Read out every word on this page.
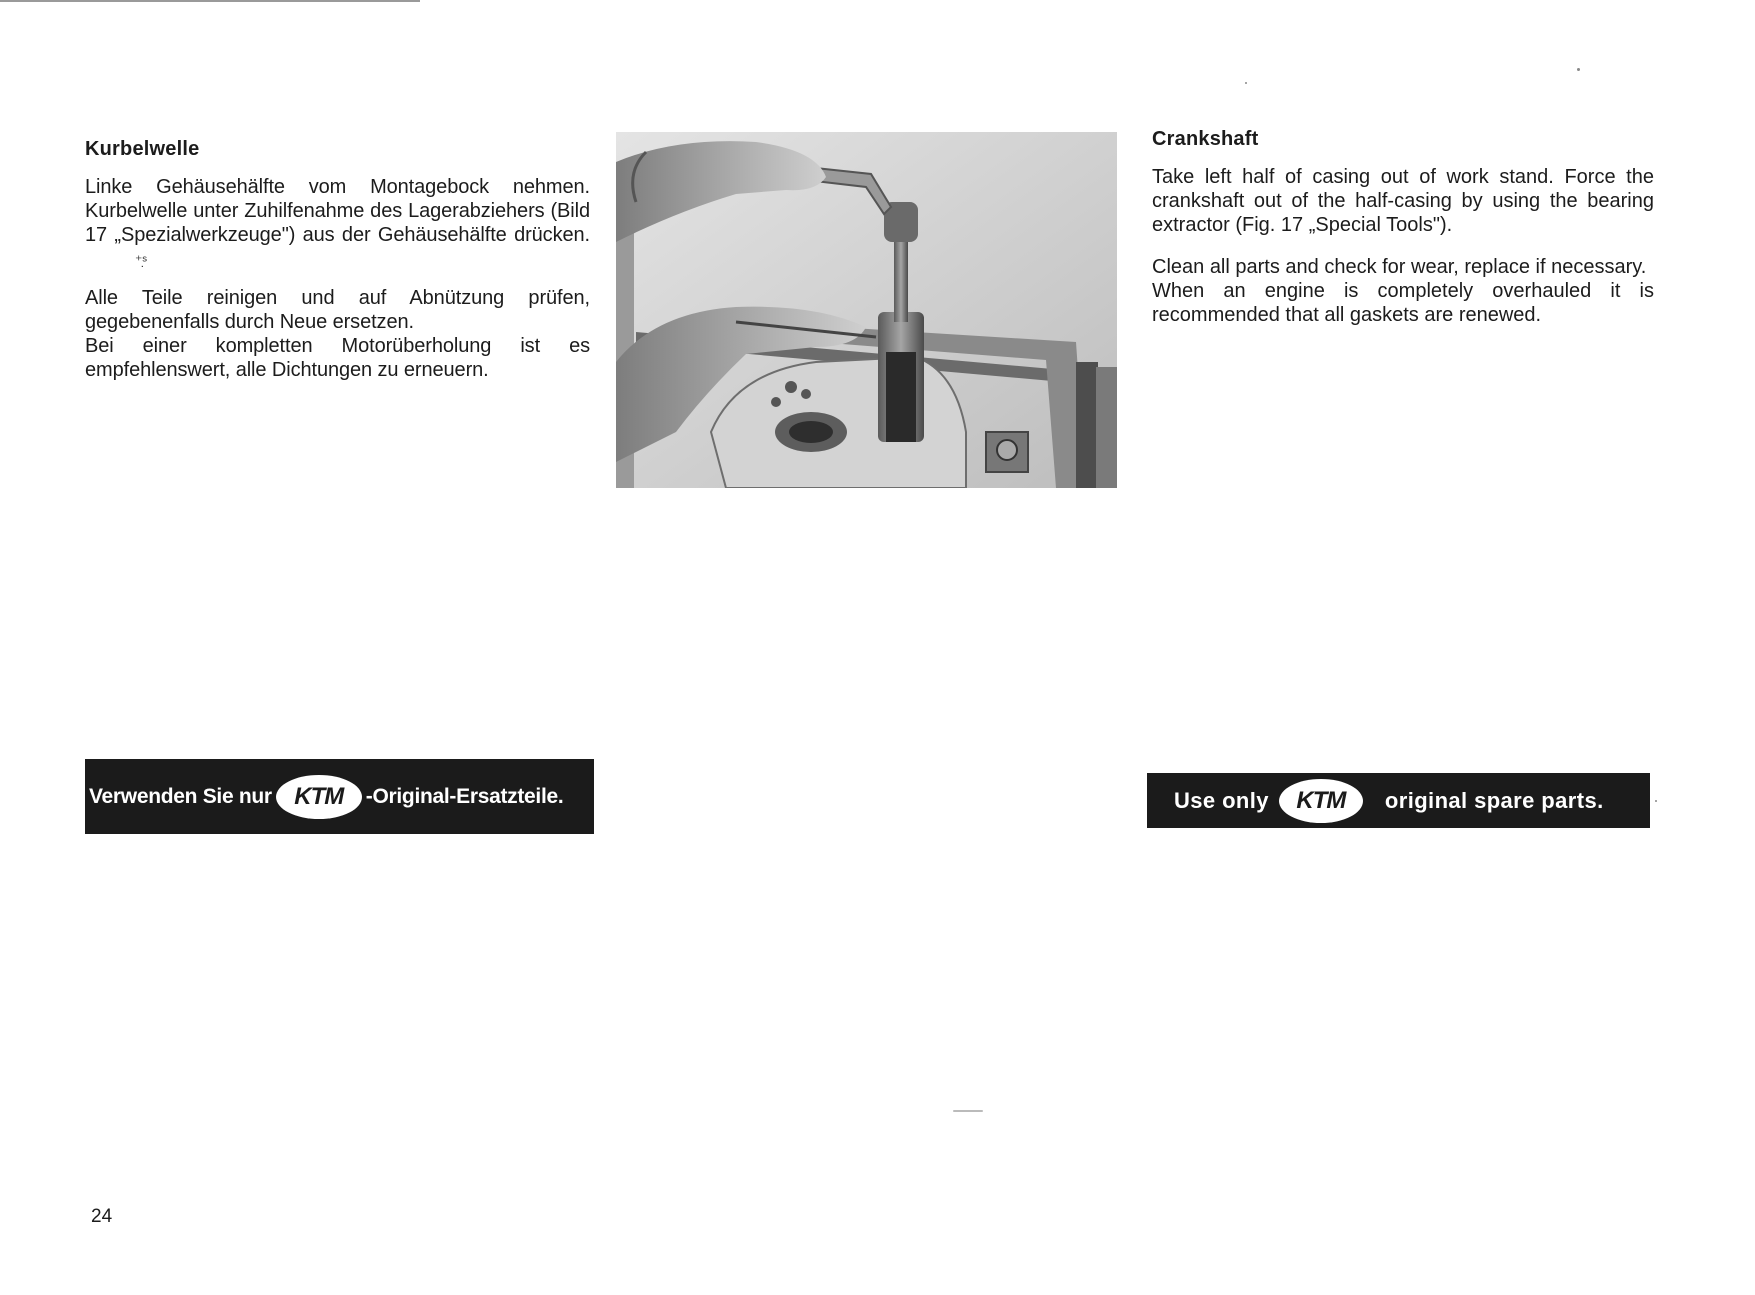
Kurbelwelle

Linke Gehäusehälfte vom Montagebock nehmen. Kurbelwelle unter Zuhilfenahme des Lagerabziehers (Bild 17 „Spezialwerkzeuge") aus der Gehäusehälfte drücken.⁺ˢ̣

Alle Teile reinigen und auf Abnützung prüfen, gegebenenfalls durch Neue ersetzen.

Bei einer kompletten Motorüberholung ist es empfehlenswert, alle Dichtungen zu erneuern.

Crankshaft

Take left half of casing out of work stand. Force the crankshaft out of the half-casing by using the bearing extractor (Fig. 17 „Special Tools").

Clean all parts and check for wear, replace if necessary.

When an engine is completely overhauled it is recommended that all gaskets are renewed.

Verwenden Sie nur KTM	-Original-Ersatzteile.	Use only	KTM	original spare parts.
24
